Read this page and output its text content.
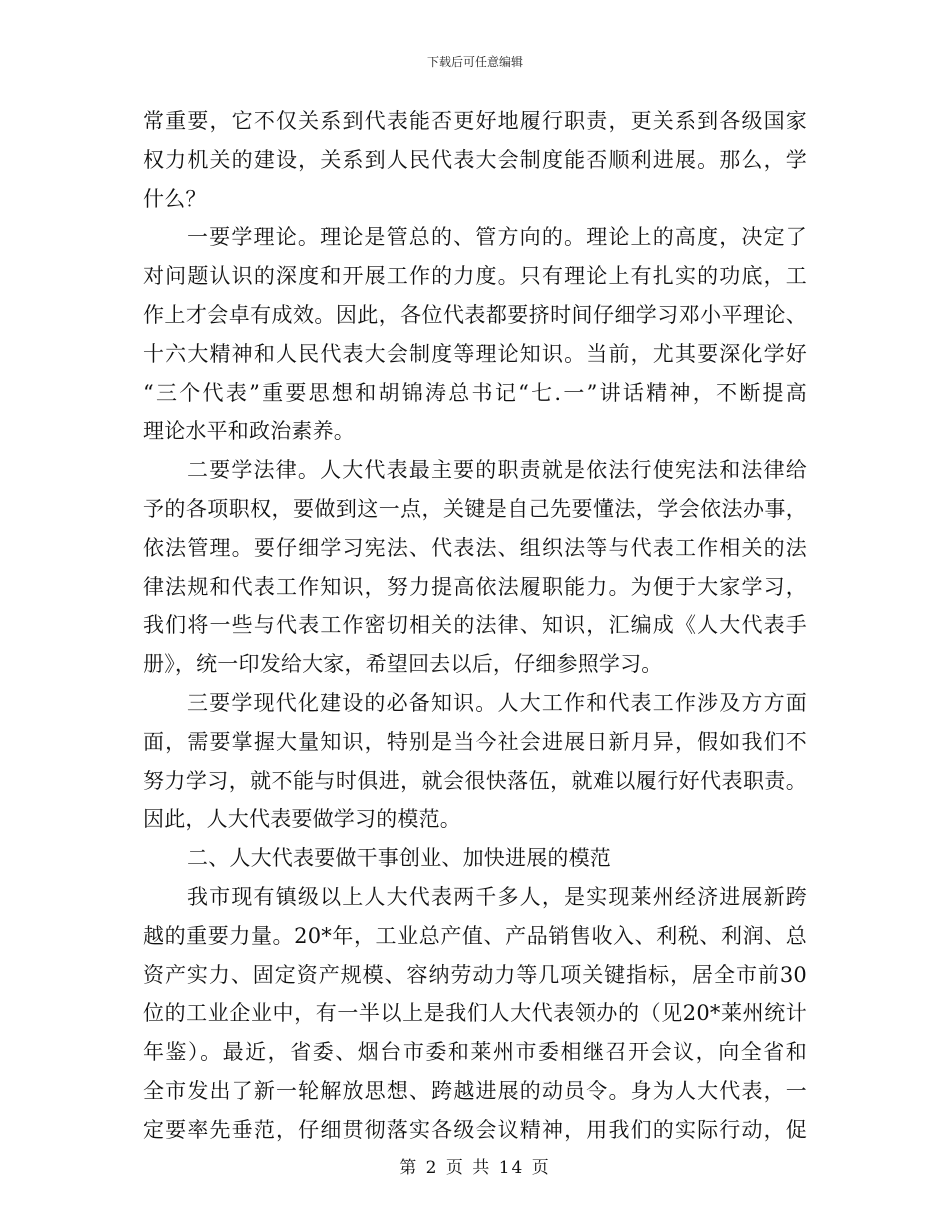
下载后可任意编辑
常重要，它不仅关系到代表能否更好地履行职责，更关系到各级国家
权力机关的建设，关系到人民代表大会制度能否顺利进展。那么，学
什么？
一要学理论。理论是管总的、管方向的。理论上的高度，决定了
对问题认识的深度和开展工作的力度。只有理论上有扎实的功底，工
作上才会卓有成效。因此，各位代表都要挤时间仔细学习邓小平理论、
十六大精神和人民代表大会制度等理论知识。当前，尤其要深化学好
“三个代表”重要思想和胡锦涛总书记“七.一”讲话精神，不断提高
理论水平和政治素养。
二要学法律。人大代表最主要的职责就是依法行使宪法和法律给
予的各项职权，要做到这一点，关键是自己先要懂法，学会依法办事，
依法管理。要仔细学习宪法、代表法、组织法等与代表工作相关的法
律法规和代表工作知识，努力提高依法履职能力。为便于大家学习，
我们将一些与代表工作密切相关的法律、知识，汇编成《人大代表手
册》，统一印发给大家，希望回去以后，仔细参照学习。
三要学现代化建设的必备知识。人大工作和代表工作涉及方方面
面，需要掌握大量知识，特别是当今社会进展日新月异，假如我们不
努力学习，就不能与时俱进，就会很快落伍，就难以履行好代表职责。
因此，人大代表要做学习的模范。
二、人大代表要做干事创业、加快进展的模范
我市现有镇级以上人大代表两千多人，是实现莱州经济进展新跨
越的重要力量。20*年，工业总产值、产品销售收入、利税、利润、总
资产实力、固定资产规模、容纳劳动力等几项关键指标，居全市前30
位的工业企业中，有一半以上是我们人大代表领办的（见20*莱州统计
年鉴）。最近，省委、烟台市委和莱州市委相继召开会议，向全省和
全市发出了新一轮解放思想、跨越进展的动员令。身为人大代表，一
定要率先垂范，仔细贯彻落实各级会议精神，用我们的实际行动，促
第 2 页 共 14 页
